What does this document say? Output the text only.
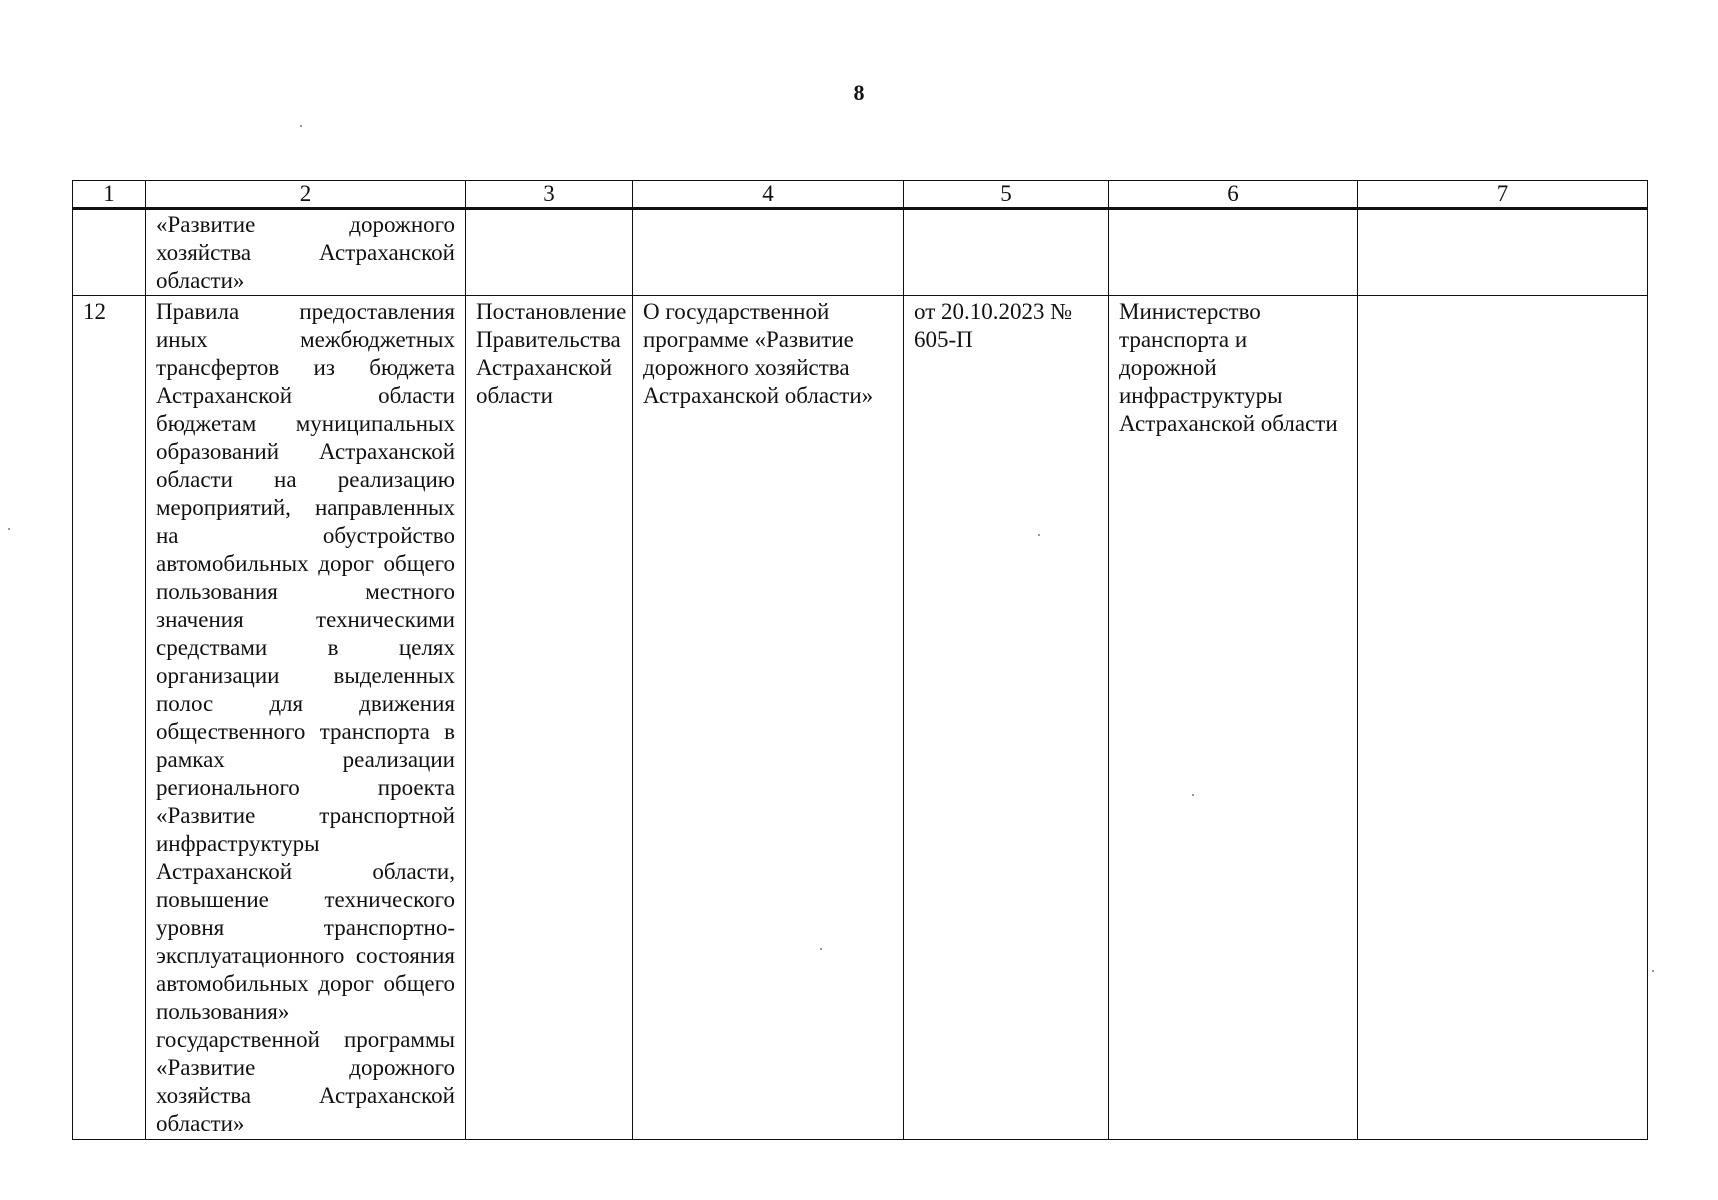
8
1	2	3	4	5	6	7
	«Развитие дорожного хозяйства Астраханской области»					
12	Правила предоставления иных межбюджетных трансфертов из бюджета Астраханской области бюджетам муниципальных образований Астраханской области на реализацию мероприятий, направленных на обустройство автомобильных дорог общего пользования местного значения техническими средствами в целях организации выделенных полос для движения общественного транспорта в рамках реализации регионального проекта «Развитие транспортной инфраструктуры Астраханской области, повышение технического уровня транспортно-эксплуатационного состояния автомобильных дорог общего пользования» государственной программы «Развитие дорожного хозяйства Астраханской области»	Постановление Правительства Астраханской области	О государственной программе «Развитие дорожного хозяйства Астраханской области»	от 20.10.2023 № 605-П	Министерство транспорта и дорожной инфраструктуры Астраханской области	
